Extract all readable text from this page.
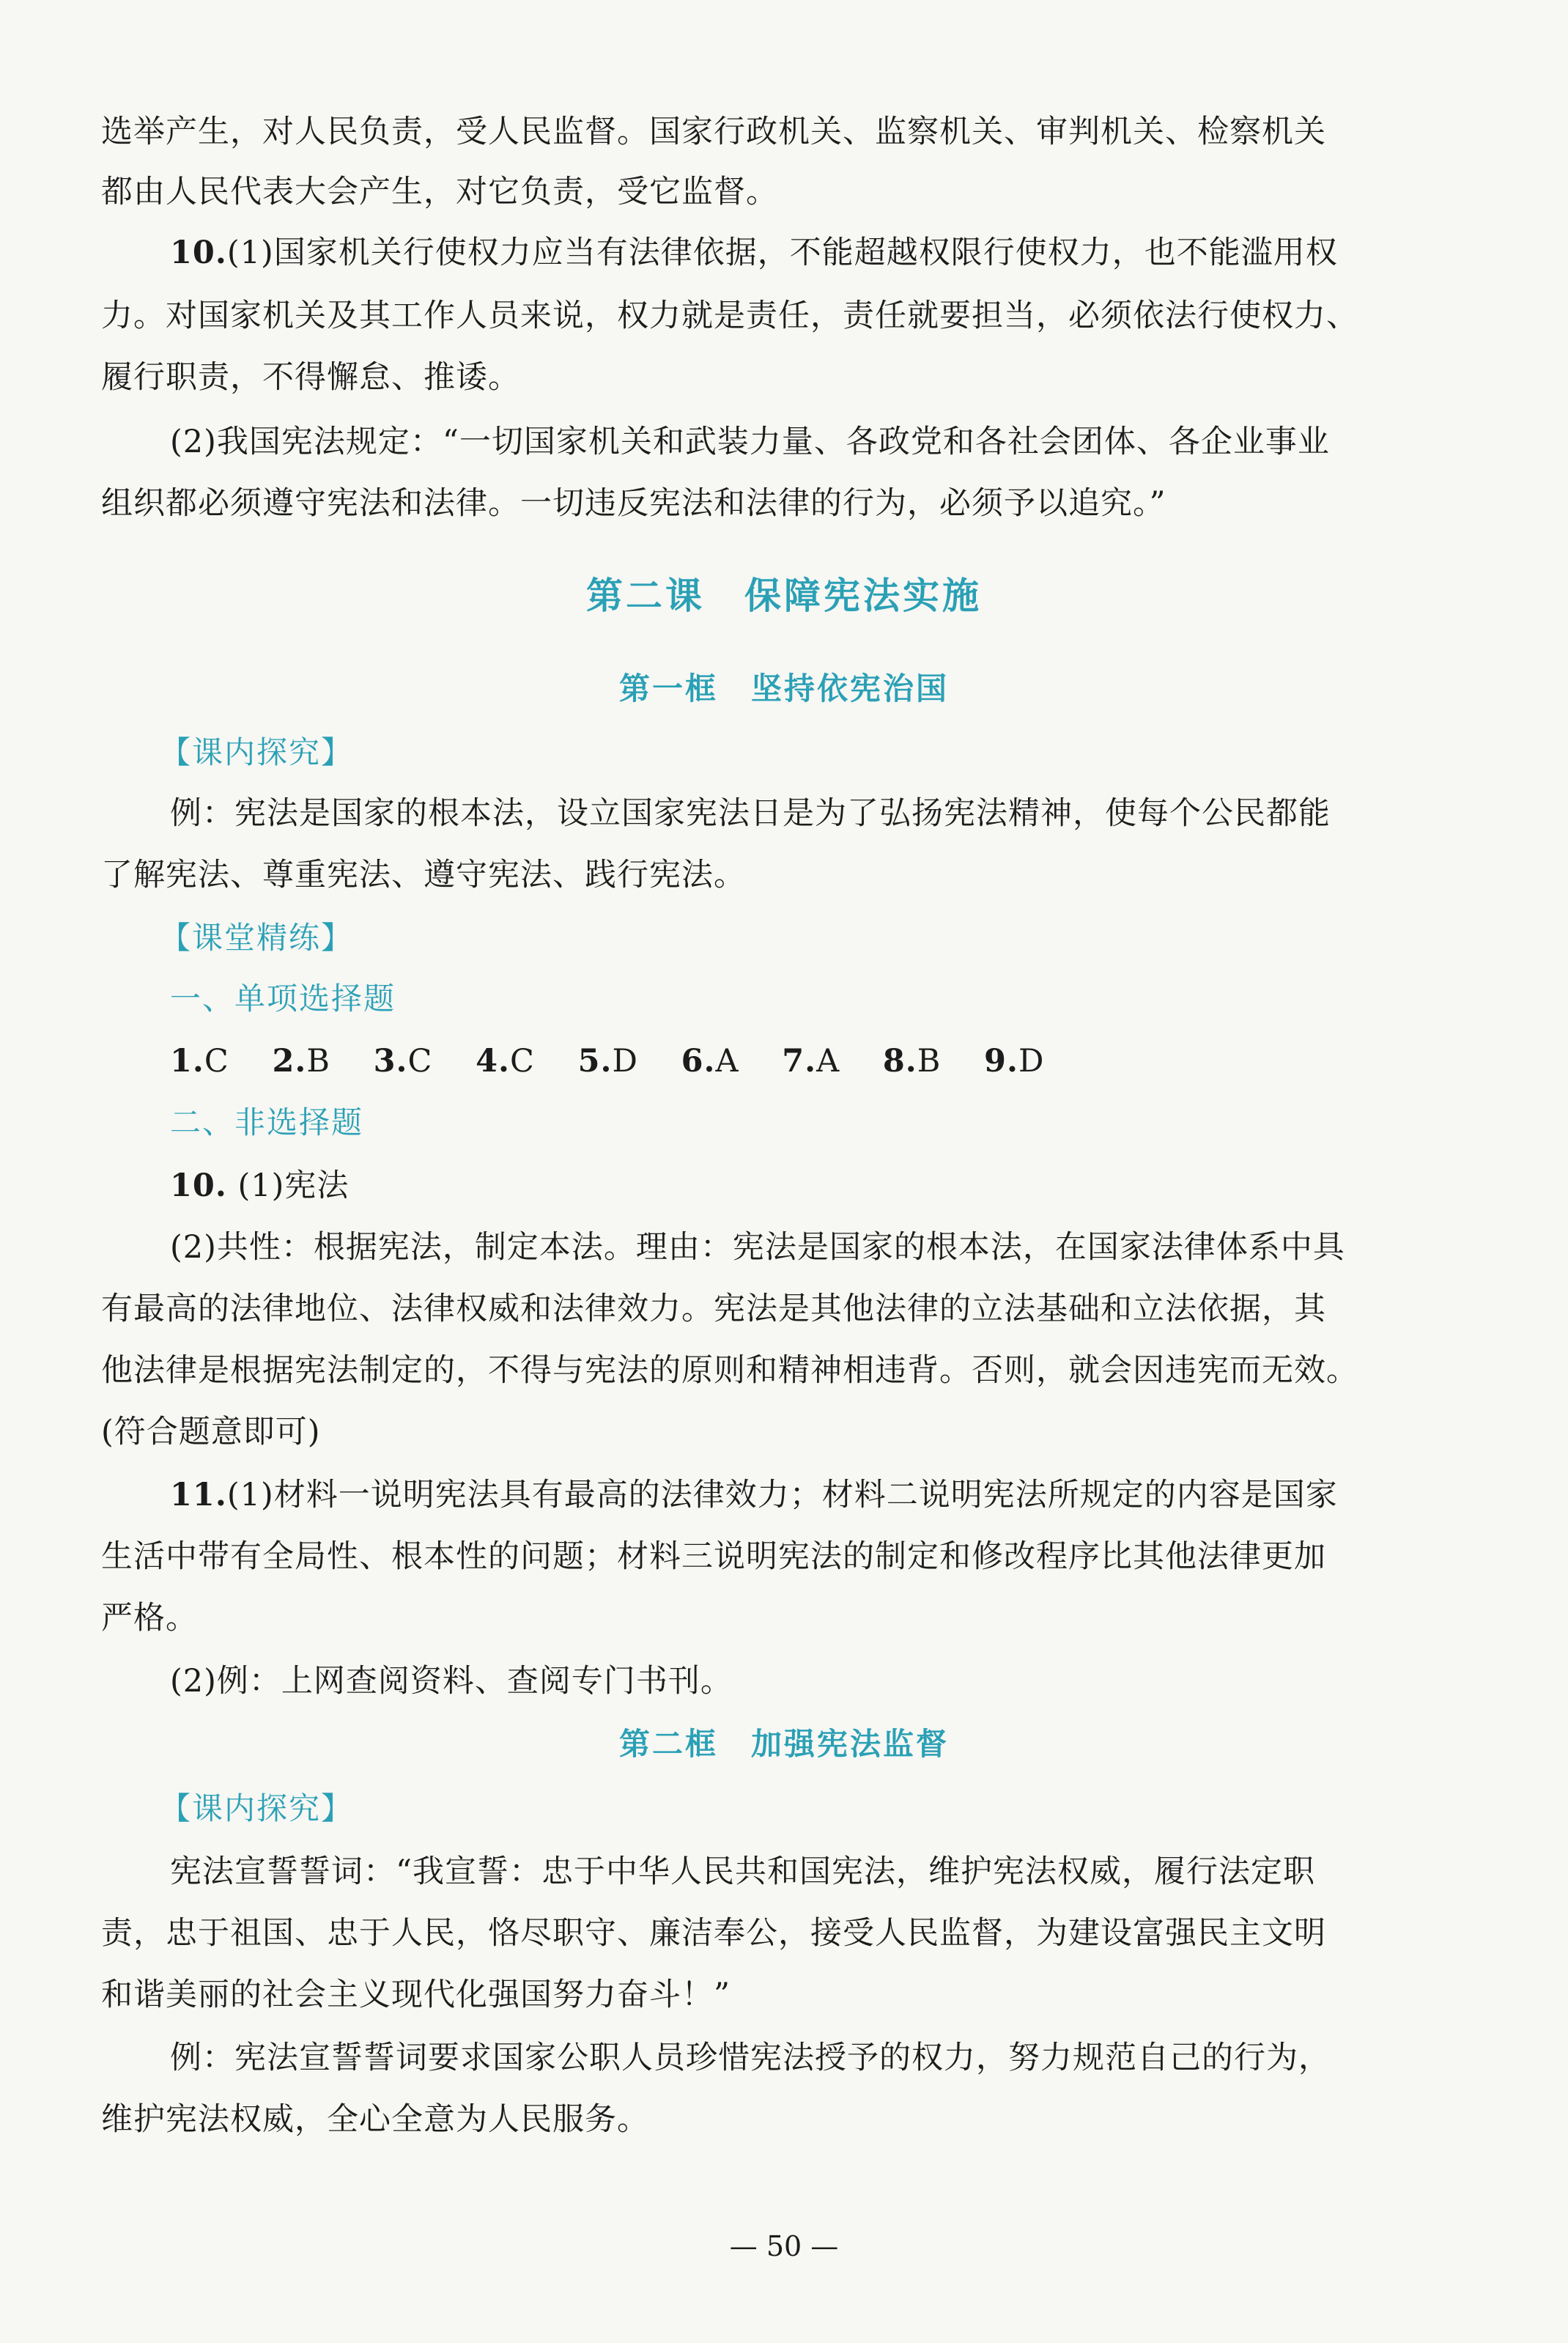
选举产生，对人民负责，受人民监督。国家行政机关、监察机关、审判机关、检察机关
都由人民代表大会产生，对它负责，受它监督。
10.(1)国家机关行使权力应当有法律依据，不能超越权限行使权力，也不能滥用权
力。对国家机关及其工作人员来说，权力就是责任，责任就要担当，必须依法行使权力、
履行职责，不得懈怠、推诿。
(2)我国宪法规定：“一切国家机关和武装力量、各政党和各社会团体、各企业事业
组织都必须遵守宪法和法律。一切违反宪法和法律的行为，必须予以追究。”
第二课　保障宪法实施
第一框　坚持依宪治国
【课内探究】
例：宪法是国家的根本法，设立国家宪法日是为了弘扬宪法精神，使每个公民都能
了解宪法、尊重宪法、遵守宪法、践行宪法。
【课堂精练】
一、单项选择题
1.C 2.B 3.C 4.C 5.D 6.A 7.A 8.B 9.D
二、非选择题
10. (1)宪法
(2)共性：根据宪法，制定本法。理由：宪法是国家的根本法，在国家法律体系中具
有最高的法律地位、法律权威和法律效力。宪法是其他法律的立法基础和立法依据，其
他法律是根据宪法制定的，不得与宪法的原则和精神相违背。否则，就会因违宪而无效。
(符合题意即可)
11.(1)材料一说明宪法具有最高的法律效力；材料二说明宪法所规定的内容是国家
生活中带有全局性、根本性的问题；材料三说明宪法的制定和修改程序比其他法律更加
严格。
(2)例：上网查阅资料、查阅专门书刊。
第二框　加强宪法监督
【课内探究】
宪法宣誓誓词：“我宣誓：忠于中华人民共和国宪法，维护宪法权威，履行法定职
责，忠于祖国、忠于人民，恪尽职守、廉洁奉公，接受人民监督，为建设富强民主文明
和谐美丽的社会主义现代化强国努力奋斗！”
例：宪法宣誓誓词要求国家公职人员珍惜宪法授予的权力，努力规范自己的行为，
维护宪法权威，全心全意为人民服务。
— 50 —
